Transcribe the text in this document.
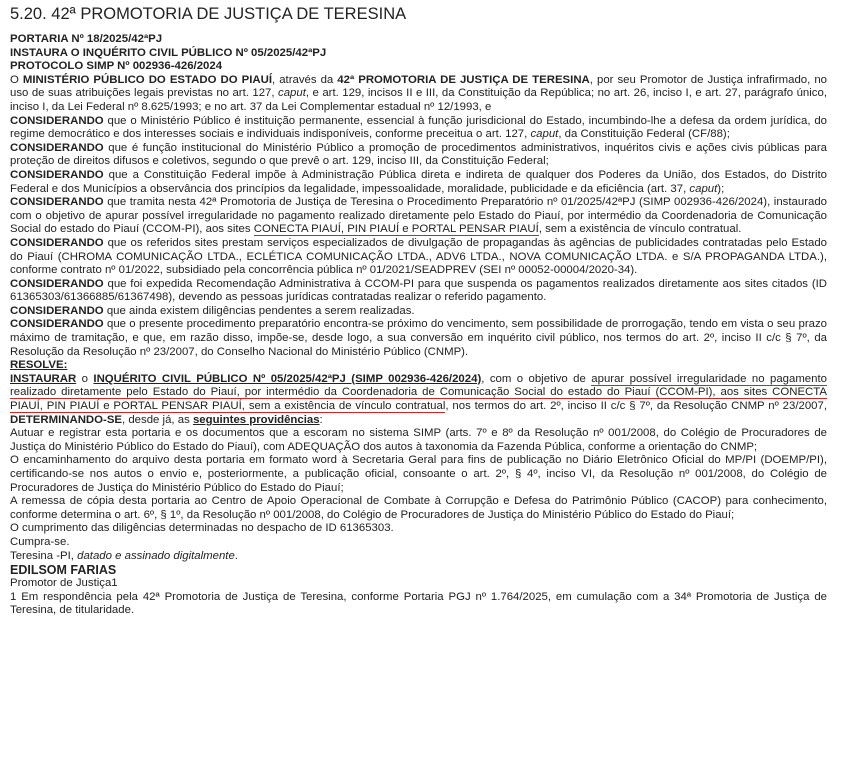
5.20. 42ª PROMOTORIA DE JUSTIÇA DE TERESINA

PORTARIA Nº 18/2025/42ªPJ

INSTAURA O INQUÉRITO CIVIL PÚBLICO Nº 05/2025/42ªPJ

PROTOCOLO SIMP Nº 002936-426/2024

O MINISTÉRIO PÚBLICO DO ESTADO DO PIAUÍ, através da 42ª PROMOTORIA DE JUSTIÇA DE TERESINA, por seu Promotor de Justiça infrafirmado, no uso de suas atribuições legais previstas no art. 127, caput, e art. 129, incisos II e III, da Constituição da República; no art. 26, inciso I, e art. 27, parágrafo único, inciso I, da Lei Federal nº 8.625/1993; e no art. 37 da Lei Complementar estadual nº 12/1993, e

CONSIDERANDO que o Ministério Público é instituição permanente, essencial à função jurisdicional do Estado, incumbindo-lhe a defesa da ordem jurídica, do regime democrático e dos interesses sociais e individuais indisponíveis, conforme preceitua o art. 127, caput, da Constituição Federal (CF/88);

CONSIDERANDO que é função institucional do Ministério Público a promoção de procedimentos administrativos, inquéritos civis e ações civis públicas para proteção de direitos difusos e coletivos, segundo o que prevê o art. 129, inciso III, da Constituição Federal;

CONSIDERANDO que a Constituição Federal impõe à Administração Pública direta e indireta de qualquer dos Poderes da União, dos Estados, do Distrito Federal e dos Municípios a observância dos princípios da legalidade, impessoalidade, moralidade, publicidade e da eficiência (art. 37, caput);

CONSIDERANDO que tramita nesta 42ª Promotoria de Justiça de Teresina o Procedimento Preparatório nº 01/2025/42ªPJ (SIMP 002936-426/2024), instaurado com o objetivo de apurar possível irregularidade no pagamento realizado diretamente pelo Estado do Piauí, por intermédio da Coordenadoria de Comunicação Social do estado do Piauí (CCOM-PI), aos sites CONECTA PIAUÍ, PIN PIAUÍ e PORTAL PENSAR PIAUÍ, sem a existência de vínculo contratual.

CONSIDERANDO que os referidos sites prestam serviços especializados de divulgação de propagandas às agências de publicidades contratadas pelo Estado do Piauí (CHROMA COMUNICAÇÃO LTDA., ECLÉTICA COMUNICAÇÃO LTDA., ADV6 LTDA., NOVA COMUNICAÇÃO LTDA. e S/A PROPAGANDA LTDA.), conforme contrato nº 01/2022, subsidiado pela concorrência pública nº 01/2021/SEADPREV (SEI nº 00052-00004/2020-34).

CONSIDERANDO que foi expedida Recomendação Administrativa à CCOM-PI para que suspenda os pagamentos realizados diretamente aos sites citados (ID 61365303/61366885/61367498), devendo as pessoas jurídicas contratadas realizar o referido pagamento.

CONSIDERANDO que ainda existem diligências pendentes a serem realizadas.

CONSIDERANDO que o presente procedimento preparatório encontra-se próximo do vencimento, sem possibilidade de prorrogação, tendo em vista o seu prazo máximo de tramitação, e que, em razão disso, impõe-se, desde logo, a sua conversão em inquérito civil público, nos termos do art. 2º, inciso II c/c § 7º, da Resolução da Resolução nº 23/2007, do Conselho Nacional do Ministério Público (CNMP).

RESOLVE:

INSTAURAR o INQUÉRITO CIVIL PÚBLICO Nº 05/2025/42ªPJ (SIMP 002936-426/2024), com o objetivo de apurar possível irregularidade no pagamento realizado diretamente pelo Estado do Piauí, por intermédio da Coordenadoria de Comunicação Social do estado do Piauí (CCOM-PI), aos sites CONECTA PIAUÍ, PIN PIAUÍ e PORTAL PENSAR PIAUÍ, sem a existência de vínculo contratual, nos termos do art. 2º, inciso II c/c § 7º, da Resolução CNMP nº 23/2007, DETERMINANDO-SE, desde já, as seguintes providências:

Autuar e registrar esta portaria e os documentos que a escoram no sistema SIMP (arts. 7º e 8º da Resolução nº 001/2008, do Colégio de Procuradores de Justiça do Ministério Público do Estado do Piauí), com ADEQUAÇÃO dos autos à taxonomia da Fazenda Pública, conforme a orientação do CNMP;

O encaminhamento do arquivo desta portaria em formato word à Secretaria Geral para fins de publicação no Diário Eletrônico Oficial do MP/PI (DOEMP/PI), certificando-se nos autos o envio e, posteriormente, a publicação oficial, consoante o art. 2º, § 4º, inciso VI, da Resolução nº 001/2008, do Colégio de Procuradores de Justiça do Ministério Público do Estado do Piauí;

A remessa de cópia desta portaria ao Centro de Apoio Operacional de Combate à Corrupção e Defesa do Patrimônio Público (CACOP) para conhecimento, conforme determina o art. 6º, § 1º, da Resolução nº 001/2008, do Colégio de Procuradores de Justiça do Ministério Público do Estado do Piauí;

O cumprimento das diligências determinadas no despacho de ID 61365303.

Cumpra-se.

Teresina -PI, datado e assinado digitalmente.

EDILSOM FARIAS

Promotor de Justiça1

1 Em respondência pela 42ª Promotoria de Justiça de Teresina, conforme Portaria PGJ nº 1.764/2025, em cumulação com a 34ª Promotoria de Justiça de Teresina, de titularidade.
